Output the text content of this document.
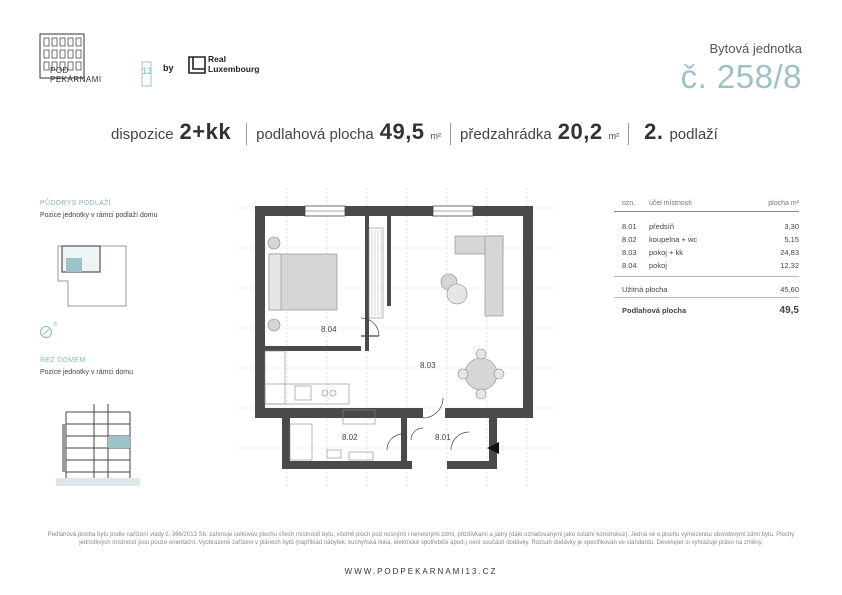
POD
PEKÁRNAMI
13 by
Real
Luxembourg
Bytová jednotka
č. 258/8
dispozice 2+kk podlahová plocha 49,5 m² předzahrádka 20,2 m² 2. podlaží
PŮDORYS PODLAŽÍ
Pozice jednotky v rámci podlaží domu
S
ŘEZ DOMEM
Pozice jednotky v rámci domu
8.04
8.03
8.02	8.01
ozn.	účel místnosti	plocha m²
8.01	předsíň	3,30
8.02	koupelna + wc	5,15
8.03	pokoj + kk	24,83
8.04	pokoj	12,32
Užitná plocha	45,60
Podlahová plocha	49,5
Podlahová plocha bytu podle nařízení vlády č. 366/2013 Sb. zahrnuje celkovou plochu všech místností bytu, včetně ploch pod nosnými i nenosnými zdmi, přizdívkami a jádry (dále označovanými jako ostatní konstrukce). Jedná se o plochu vymezenou obvodovými zdmi bytu. Plochy jednotlivých místností jsou pouze orientační. Vyobrazené zařízení v plánech bytů (například nábytek, kuchyňská linka, elektrické spotřebiče apod.) není součástí dodávky. Rozsah dodávky je specifikován ve standardu. Developer si vyhrazuje právo na změny.
WWW.PODPEKARNAMI13.CZ
